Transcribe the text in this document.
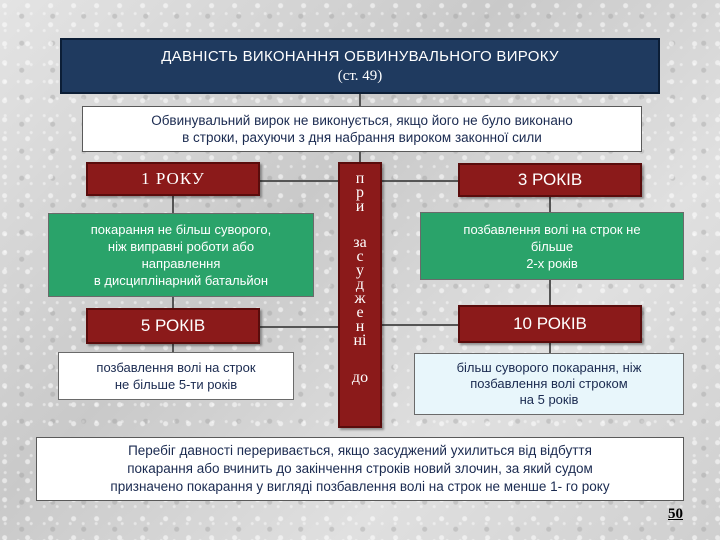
ДАВНІСТЬ ВИКОНАННЯ ОБВИНУВАЛЬНОГО ВИРОКУ
(ст. 49)
Обвинувальний вирок не виконується, якщо його не було виконано
в строки, рахуючи з дня набрання вироком законної сили
1 РОКУ
покарання не більш суворого,
ніж виправні роботи або
направлення
в дисциплінарний батальйон
5 РОКІВ
позбавлення волі на строк
не більше 5-ти років
при
засудженні
до
3 РОКІВ
позбавлення волі на строк не
більше
2-х років
10 РОКІВ
більш суворого покарання, ніж
позбавлення волі строком
на 5 років
Перебіг давності переривається, якщо засуджений ухилиться від відбуття
покарання або вчинить до закінчення строків новий злочин, за який судом
призначено покарання у вигляді позбавлення волі на строк не менше 1- го року
50
